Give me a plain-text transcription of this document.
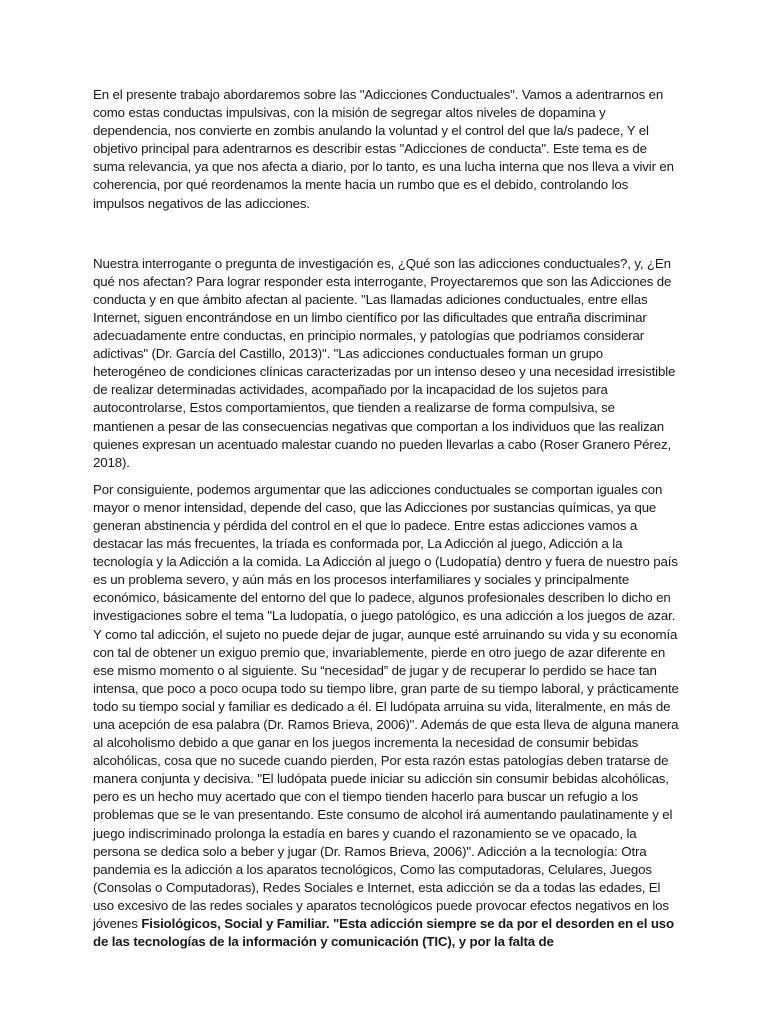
En el presente trabajo abordaremos sobre las "Adicciones Conductuales". Vamos a adentrarnos en como estas conductas impulsivas, con la misión de segregar altos niveles de dopamina y dependencia, nos convierte en zombis anulando la voluntad y el control del que la/s padece, Y el objetivo principal para adentrarnos es describir estas "Adicciones de conducta". Este tema es de suma relevancia, ya que nos afecta a diario, por lo tanto, es una lucha interna que nos lleva a vivir en coherencia, por qué reordenamos la mente hacia un rumbo que es el debido, controlando los impulsos negativos de las adicciones.

Nuestra interrogante o pregunta de investigación es, ¿Qué son las adicciones conductuales?, y, ¿En qué nos afectan? Para lograr responder esta interrogante, Proyectaremos que son las Adicciones de conducta y en que ámbito afectan al paciente. "Las llamadas adiciones conductuales, entre ellas Internet, siguen encontrándose en un limbo científico por las dificultades que entraña discriminar adecuadamente entre conductas, en principio normales, y patologías que podríamos considerar adictivas" (Dr. García del Castillo, 2013)". "Las adicciones conductuales forman un grupo heterogéneo de condiciones clínicas caracterizadas por un intenso deseo y una necesidad irresistible de realizar determinadas actividades, acompañado por la incapacidad de los sujetos para autocontrolarse, Estos comportamientos, que tienden a realizarse de forma compulsiva, se mantienen a pesar de las consecuencias negativas que comportan a los individuos que las realizan quienes expresan un acentuado malestar cuando no pueden llevarlas a cabo (Roser Granero Pérez, 2018).

Por consiguiente, podemos argumentar que las adicciones conductuales se comportan iguales con mayor o menor intensidad, depende del caso, que las Adicciones por sustancias químicas, ya que generan abstinencia y pérdida del control en el que lo padece. Entre estas adicciones vamos a destacar las más frecuentes, la tríada es conformada por, La Adicción al juego, Adicción a la tecnología y la Adicción a la comida. La Adicción al juego o (Ludopatía) dentro y fuera de nuestro país es un problema severo, y aún más en los procesos interfamiliares y sociales y principalmente económico, básicamente del entorno del que lo padece, algunos profesionales describen lo dicho en investigaciones sobre el tema "La ludopatía, o juego patológico, es una adicción a los juegos de azar. Y como tal adicción, el sujeto no puede dejar de jugar, aunque esté arruinando su vida y su economía con tal de obtener un exiguo premio que, invariablemente, pierde en otro juego de azar diferente en ese mismo momento o al siguiente. Su “necesidad” de jugar y de recuperar lo perdido se hace tan intensa, que poco a poco ocupa todo su tiempo libre, gran parte de su tiempo laboral, y prácticamente todo su tiempo social y familiar es dedicado a él. El ludópata arruina su vida, literalmente, en más de una acepción de esa palabra (Dr. Ramos Brieva, 2006)". Además de que esta lleva de alguna manera al alcoholismo debido a que ganar en los juegos incrementa la necesidad de consumir bebidas alcohólicas, cosa que no sucede cuando pierden, Por esta razón estas patologías deben tratarse de manera conjunta y decisiva. "El ludópata puede iniciar su adicción sin consumir bebidas alcohólicas, pero es un hecho muy acertado que con el tiempo tienden hacerlo para buscar un refugio a los problemas que se le van presentando. Este consumo de alcohol irá aumentando paulatinamente y el juego indiscriminado prolonga la estadía en bares y cuando el razonamiento se ve opacado, la persona se dedica solo a beber y jugar (Dr. Ramos Brieva, 2006)". Adicción a la tecnología: Otra pandemia es la adicción a los aparatos tecnológicos, Como las computadoras, Celulares, Juegos (Consolas o Computadoras), Redes Sociales e Internet, esta adicción se da a todas las edades, El uso excesivo de las redes sociales y aparatos tecnológicos puede provocar efectos negativos en los jóvenes Fisiológicos, Social y Familiar. "Esta adicción siempre se da por el desorden en el uso de las tecnologías de la información y comunicación (TIC), y por la falta de
